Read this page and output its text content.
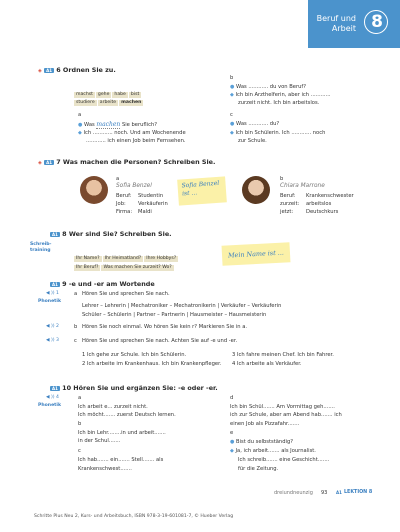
Beruf und
Arbeit 8
◈ A1 6 Ordnen Sie zu.
machst gehe habe bist
studiere arbeite machen
a
● Was machen Sie beruflich?
◆ Ich ............ noch. Und am Wochenende
............ ich einen Job beim Fernsehen.
b
● Was ............ du von Beruf?
◆ Ich bin Arzthelferin, aber ich ............
zurzeit nicht. Ich bin arbeitslos.
c
● Was ............ du?
◆ Ich bin Schülerin. Ich ............ noch
zur Schule.
◈ A1 7 Was machen die Personen? Schreiben Sie.
a
Sofia Benzel
Beruf: Studentin
Job: Verkäuferin
Firma: Maldi
Sofia Benzel
ist ...
b
Chiara Marrone
Beruf: Krankenschwester
zurzeit: arbeitslos
jetzt: Deutschkurs
A1 8 Wer sind Sie? Schreiben Sie.
Schreib-
training
Ihr Name? Ihr Heimatland? Ihre Hobbys?
Ihr Beruf? Was machen Sie zurzeit? Wo?
Mein Name ist ...
A1 9 -e und -er am Wortende
◀ )) 1
Phonetik
a Hören Sie und sprechen Sie nach.
Lehrer – Lehrerin | Mechatroniker – Mechatronikerin | Verkäufer – Verkäuferin
Schüler – Schülerin | Partner – Partnerin | Hausmeister – Hausmeisterin
◀ )) 2	b Hören Sie noch einmal. Wo hören Sie kein r? Markieren Sie in a.
◀ )) 3	c Hören Sie und sprechen Sie nach. Achten Sie auf -e und -er.
1 Ich gehe zur Schule. Ich bin Schülerin.
2 Ich arbeite im Krankenhaus. Ich bin Krankenpfleger.
3 Ich fahre meinen Chef. Ich bin Fahrer.
4 Ich arbeite als Verkäufer.
A1 10 Hören Sie und ergänzen Sie: -e oder -er.
◀ )) 4
Phonetik
a
Ich arbeit e... zurzeit nicht.
Ich möcht....... zuerst Deutsch lernen.
b
Ich bin Lehr........in und arbeit.......
in der Schul.......
c
Ich hab....... ein....... Stell....... als
Krankenschwest.......
d
Ich bin Schül....... Am Vormittag geh.......
ich zur Schule, aber am Abend hab....... ich
einen Job als Pizzafahr.......
e
● Bist du selbstständig?
◆ Ja, ich arbeit....... als Journalist.
Ich schreib....... eine Geschicht.......
für die Zeitung.
dreiundneunzig 93	A1 LEKTION 8
Schritte Plus Neu 2, Kurs- und Arbeitsbuch, ISBN 978-3-19-601081-7, © Hueber Verlag
